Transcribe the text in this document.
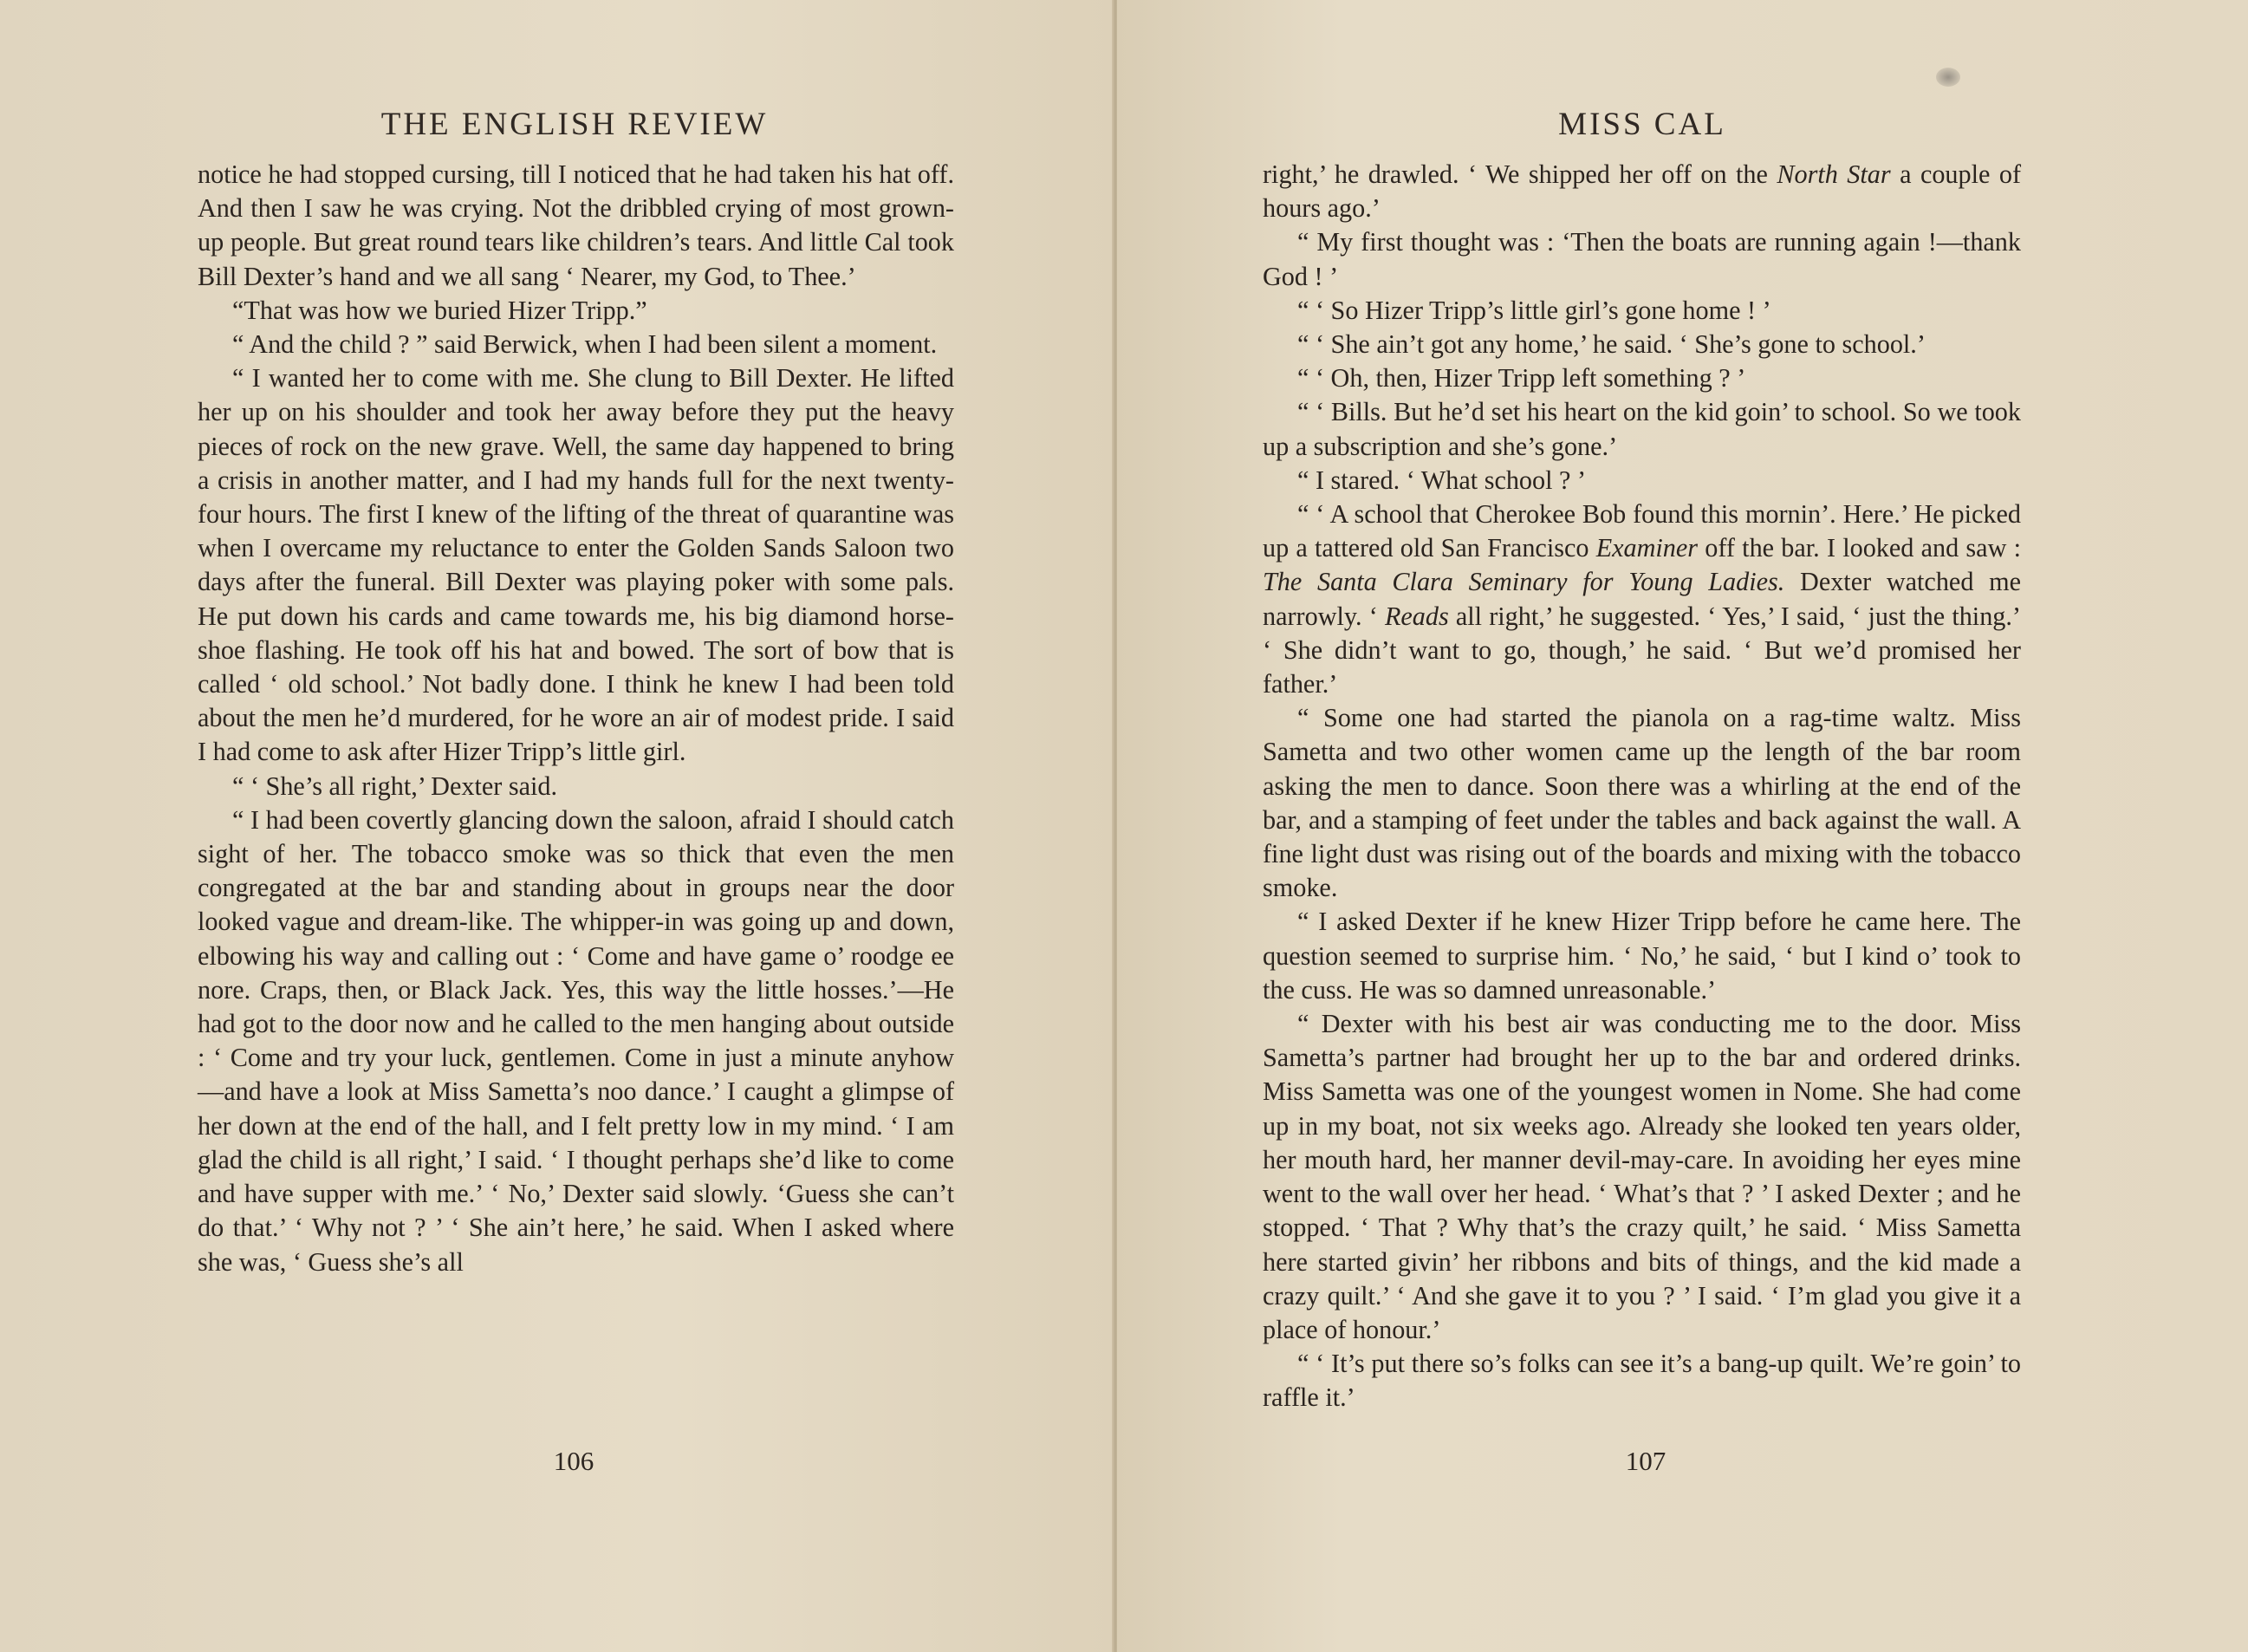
THE ENGLISH REVIEW

notice he had stopped cursing, till I noticed that he had taken his hat off. And then I saw he was crying. Not the dribbled crying of most grown-up people. But great round tears like children’s tears. And little Cal took Bill Dexter’s hand and we all sang ‘ Nearer, my God, to Thee.’

“That was how we buried Hizer Tripp.”

“ And the child ? ” said Berwick, when I had been silent a moment.

“ I wanted her to come with me. She clung to Bill Dexter. He lifted her up on his shoulder and took her away before they put the heavy pieces of rock on the new grave. Well, the same day happened to bring a crisis in another matter, and I had my hands full for the next twenty-four hours. The first I knew of the lifting of the threat of quarantine was when I overcame my reluctance to enter the Golden Sands Saloon two days after the funeral. Bill Dexter was playing poker with some pals. He put down his cards and came towards me, his big diamond horse-shoe flashing. He took off his hat and bowed. The sort of bow that is called ‘ old school.’ Not badly done. I think he knew I had been told about the men he’d murdered, for he wore an air of modest pride. I said I had come to ask after Hizer Tripp’s little girl.

“ ‘ She’s all right,’ Dexter said.

“ I had been covertly glancing down the saloon, afraid I should catch sight of her. The tobacco smoke was so thick that even the men congregated at the bar and standing about in groups near the door looked vague and dream-like. The whipper-in was going up and down, elbowing his way and calling out : ‘ Come and have game o’ roodge ee nore. Craps, then, or Black Jack. Yes, this way the little hosses.’—He had got to the door now and he called to the men hanging about outside : ‘ Come and try your luck, gentlemen. Come in just a minute anyhow—and have a look at Miss Sametta’s noo dance.’ I caught a glimpse of her down at the end of the hall, and I felt pretty low in my mind. ‘ I am glad the child is all right,’ I said. ‘ I thought perhaps she’d like to come and have supper with me.’ ‘ No,’ Dexter said slowly. ‘Guess she can’t do that.’ ‘ Why not ? ’ ‘ She ain’t here,’ he said. When I asked where she was, ‘ Guess she’s all

106
MISS CAL

right,’ he drawled. ‘ We shipped her off on the North Star a couple of hours ago.’

“ My first thought was : ‘Then the boats are running again !—thank God ! ’

“ ‘ So Hizer Tripp’s little girl’s gone home ! ’

“ ‘ She ain’t got any home,’ he said. ‘ She’s gone to school.’

“ ‘ Oh, then, Hizer Tripp left something ? ’

“ ‘ Bills. But he’d set his heart on the kid goin’ to school. So we took up a subscription and she’s gone.’

“ I stared. ‘ What school ? ’

“ ‘ A school that Cherokee Bob found this mornin’. Here.’ He picked up a tattered old San Francisco Examiner off the bar. I looked and saw : The Santa Clara Seminary for Young Ladies. Dexter watched me narrowly. ‘ Reads all right,’ he suggested. ‘ Yes,’ I said, ‘ just the thing.’ ‘ She didn’t want to go, though,’ he said. ‘ But we’d promised her father.’

“ Some one had started the pianola on a rag-time waltz. Miss Sametta and two other women came up the length of the bar room asking the men to dance. Soon there was a whirling at the end of the bar, and a stamping of feet under the tables and back against the wall. A fine light dust was rising out of the boards and mixing with the tobacco smoke.

“ I asked Dexter if he knew Hizer Tripp before he came here. The question seemed to surprise him. ‘ No,’ he said, ‘ but I kind o’ took to the cuss. He was so damned unreasonable.’

“ Dexter with his best air was conducting me to the door. Miss Sametta’s partner had brought her up to the bar and ordered drinks. Miss Sametta was one of the youngest women in Nome. She had come up in my boat, not six weeks ago. Already she looked ten years older, her mouth hard, her manner devil-may-care. In avoiding her eyes mine went to the wall over her head. ‘ What’s that ? ’ I asked Dexter ; and he stopped. ‘ That ? Why that’s the crazy quilt,’ he said. ‘ Miss Sametta here started givin’ her ribbons and bits of things, and the kid made a crazy quilt.’ ‘ And she gave it to you ? ’ I said. ‘ I’m glad you give it a place of honour.’

“ ‘ It’s put there so’s folks can see it’s a bang-up quilt. We’re goin’ to raffle it.’

107
